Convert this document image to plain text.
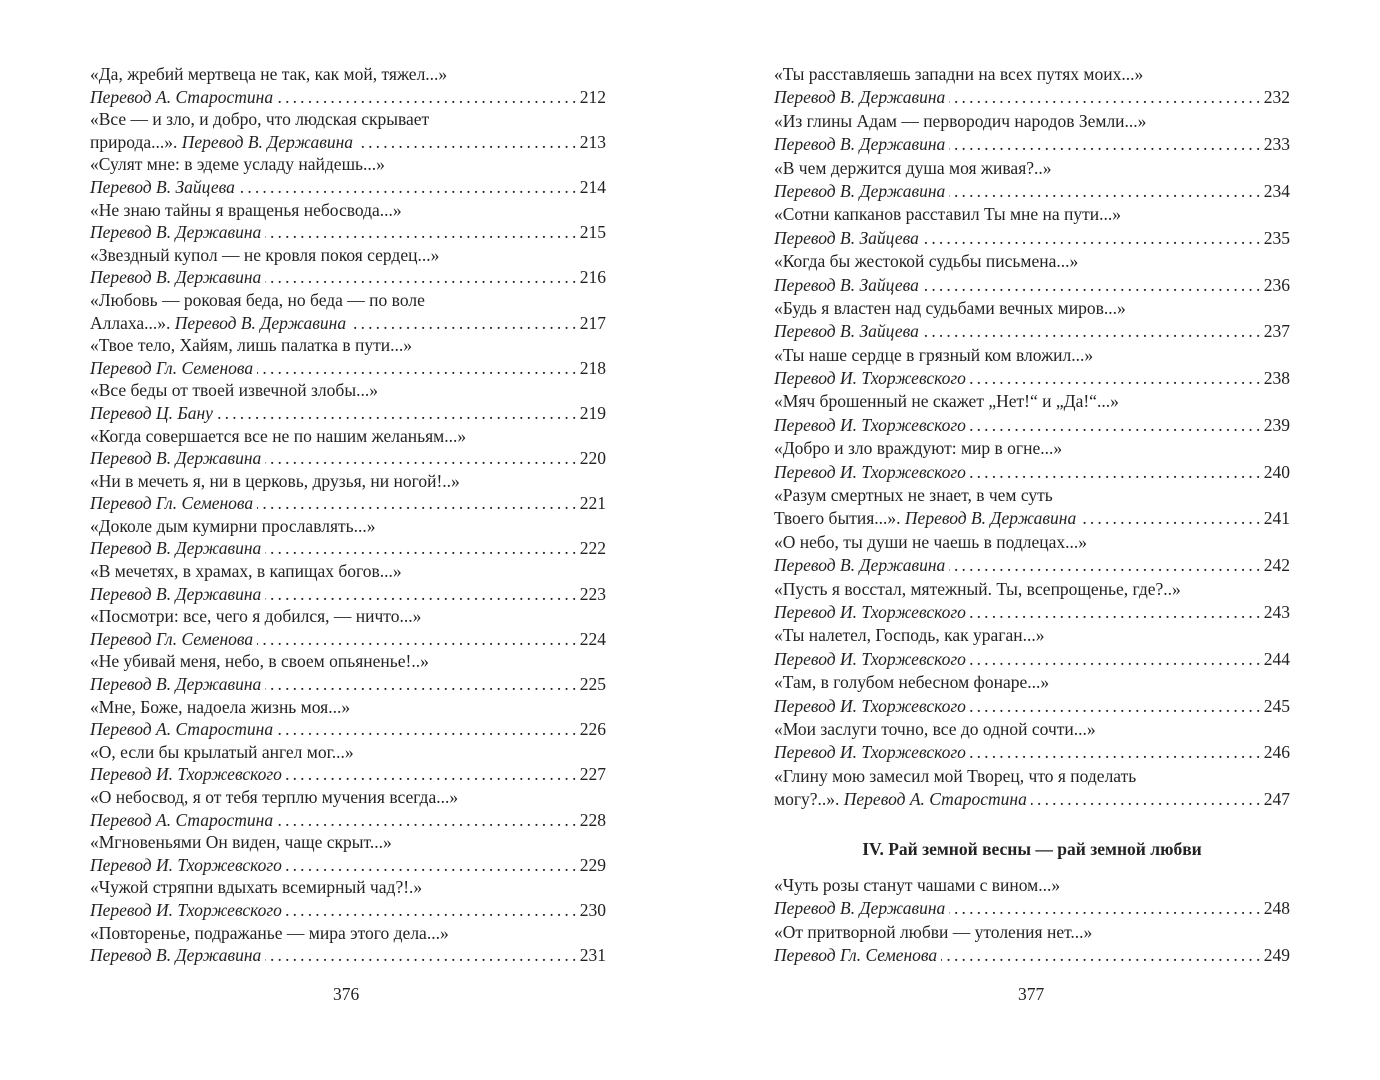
«Да, жребий мертвеца не так, как мой, тяжел...»
Перевод А. Старостина . . .	212
«Все — и зло, и добро, что людская скрывает
природа...».
Перевод В. Державина . . .	213
«Сулят мне: в эдеме усладу найдешь...»
Перевод В. Зайцева . . .	214
«Не знаю тайны я вращенья небосвода...»
Перевод В. Державина . . .	215
«Звездный купол — не кровля покоя сердец...»
Перевод В. Державина . . .	216
«Любовь — роковая беда, но беда — по воле
Аллаха...».
Перевод В. Державина . . .	217
«Твое тело, Хайям, лишь палатка в пути...»
Перевод Гл. Семенова . . .	218
«Все беды от твоей извечной злобы...»
Перевод Ц. Бану . . .	219
«Когда совершается все не по нашим желаньям...»
Перевод В. Державина . . .	220
«Ни в мечеть я, ни в церковь, друзья, ни ногой!..»
Перевод Гл. Семенова . . .	221
«Доколе дым кумирни прославлять...»
Перевод В. Державина . . .	222
«В мечетях, в храмах, в капищах богов...»
Перевод В. Державина . . .	223
«Посмотри: все, чего я добился, — ничто...»
Перевод Гл. Семенова . . .	224
«Не убивай меня, небо, в своем опьяненье!..»
Перевод В. Державина . . .	225
«Мне, Боже, надоела жизнь моя...»
Перевод А. Старостина . . .	226
«О, если бы крылатый ангел мог...»
Перевод И. Тхоржевского . . .	227
«О небосвод, я от тебя терплю мучения всегда...»
Перевод А. Старостина . . .	228
«Мгновеньями Он виден, чаще скрыт...»
Перевод И. Тхоржевского . . .	229
«Чужой стряпни вдыхать всемирный чад?!.»
Перевод И. Тхоржевского . . .	230
«Повторенье, подражанье — мира этого дела...»
Перевод В. Державина . . .	231
«Ты расставляешь западни на всех путях моих...»
Перевод В. Державина . . .	232
«Из глины Адам — первородич народов Земли...»
Перевод В. Державина . . .	233
«В чем держится душа моя живая?..»
Перевод В. Державина . . .	234
«Сотни капканов расставил Ты мне на пути...»
Перевод В. Зайцева . . .	235
«Когда бы жестокой судьбы письмена...»
Перевод В. Зайцева . . .	236
«Будь я властен над судьбами вечных миров...»
Перевод В. Зайцева . . .	237
«Ты наше сердце в грязный ком вложил...»
Перевод И. Тхоржевского . . .	238
«Мяч брошенный не скажет „Нет!“ и „Да!“...»
Перевод И. Тхоржевского . . .	239
«Добро и зло враждуют: мир в огне...»
Перевод И. Тхоржевского . . .	240
«Разум смертных не знает, в чем суть
Твоего бытия...».
Перевод В. Державина . . .	241
«О небо, ты души не чаешь в подлецах...»
Перевод В. Державина . . .	242
«Пусть я восстал, мятежный. Ты, всепрощенье, где?..»
Перевод И. Тхоржевского . . .	243
«Ты налетел, Господь, как ураган...»
Перевод И. Тхоржевского . . .	244
«Там, в голубом небесном фонаре...»
Перевод И. Тхоржевского . . .	245
«Мои заслуги точно, все до одной сочти...»
Перевод И. Тхоржевского . . .	246
«Глину мою замесил мой Творец, что я поделать
могу?..».
Перевод А. Старостина . . .	247
IV. Рай земной весны — рай земной любви
«Чуть розы станут чашами с вином...»
Перевод В. Державина . . .	248
«От притворной любви — утоления нет...»
Перевод Гл. Семенова . . .	249
376	377
